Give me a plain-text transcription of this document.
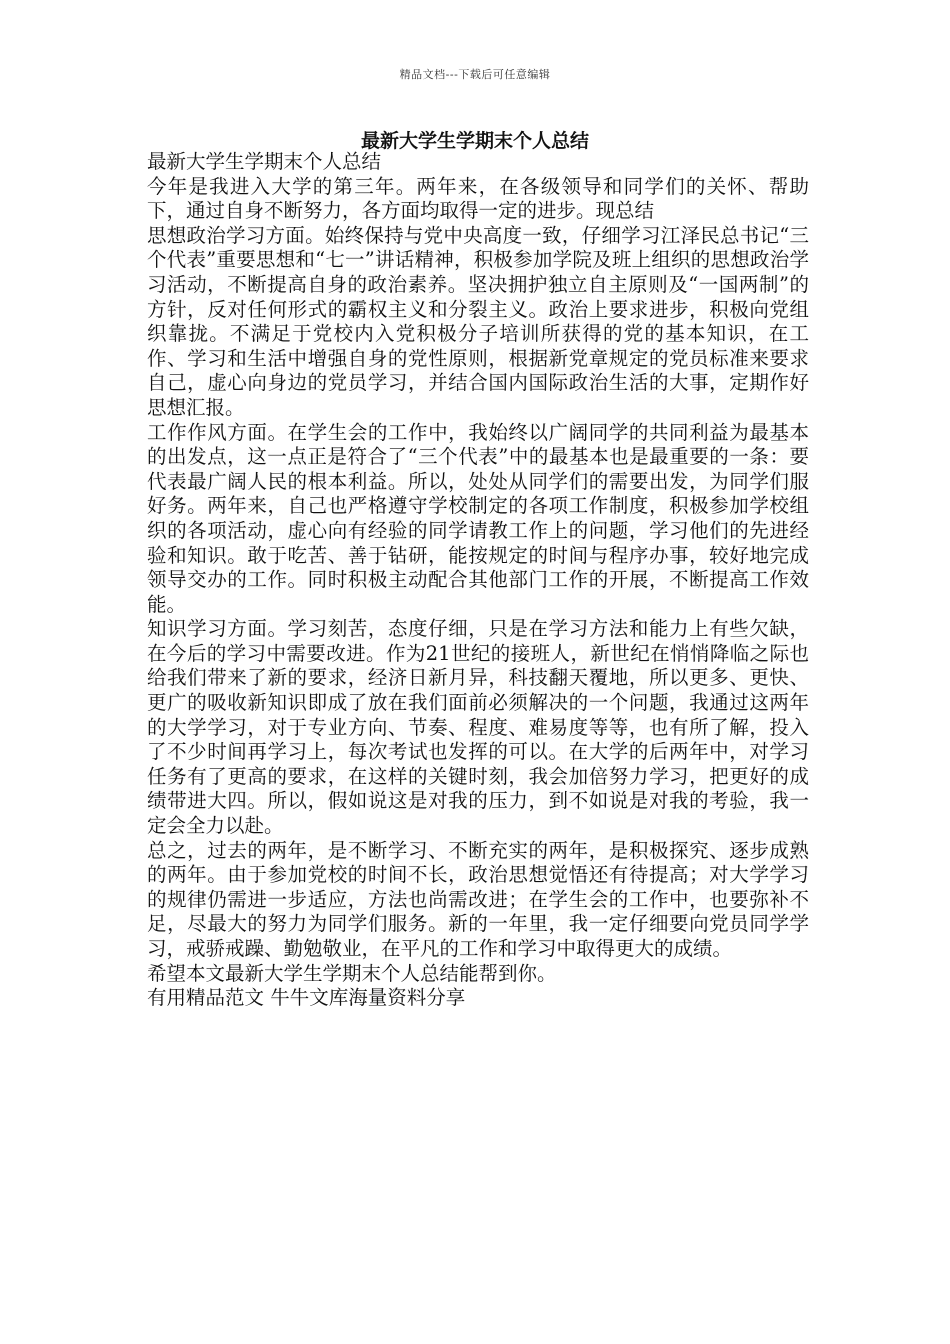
精品文档---下载后可任意编辑
最新大学生学期末个人总结

最新大学生学期末个人总结

今年是我进入大学的第三年。两年来，在各级领导和同学们的关怀、帮助下，通过自身不断努力，各方面均取得一定的进步。现总结

思想政治学习方面。始终保持与党中央高度一致，仔细学习江泽民总书记“三个代表”重要思想和“七一”讲话精神，积极参加学院及班上组织的思想政治学习活动，不断提高自身的政治素养。坚决拥护独立自主原则及“一国两制”的方针，反对任何形式的霸权主义和分裂主义。政治上要求进步，积极向党组织靠拢。不满足于党校内入党积极分子培训所获得的党的基本知识，在工作、学习和生活中增强自身的党性原则，根据新党章规定的党员标准来要求自己，虚心向身边的党员学习，并结合国内国际政治生活的大事，定期作好思想汇报。

工作作风方面。在学生会的工作中，我始终以广阔同学的共同利益为最基本的出发点，这一点正是符合了“三个代表”中的最基本也是最重要的一条：要代表最广阔人民的根本利益。所以，处处从同学们的需要出发，为同学们服好务。两年来，自己也严格遵守学校制定的各项工作制度，积极参加学校组织的各项活动，虚心向有经验的同学请教工作上的问题，学习他们的先进经验和知识。敢于吃苦、善于钻研，能按规定的时间与程序办事，较好地完成领导交办的工作。同时积极主动配合其他部门工作的开展，不断提高工作效能。

知识学习方面。学习刻苦，态度仔细，只是在学习方法和能力上有些欠缺，在今后的学习中需要改进。作为21世纪的接班人，新世纪在悄悄降临之际也给我们带来了新的要求，经济日新月异，科技翻天覆地，所以更多、更快、更广的吸收新知识即成了放在我们面前必须解决的一个问题，我通过这两年的大学学习，对于专业方向、节奏、程度、难易度等等，也有所了解，投入了不少时间再学习上，每次考试也发挥的可以。在大学的后两年中，对学习任务有了更高的要求，在这样的关键时刻，我会加倍努力学习，把更好的成绩带进大四。所以，假如说这是对我的压力，到不如说是对我的考验，我一定会全力以赴。

总之，过去的两年，是不断学习、不断充实的两年，是积极探究、逐步成熟的两年。由于参加党校的时间不长，政治思想觉悟还有待提高；对大学学习的规律仍需进一步适应，方法也尚需改进；在学生会的工作中，也要弥补不足，尽最大的努力为同学们服务。新的一年里，我一定仔细要向党员同学学习，戒骄戒躁、勤勉敬业，在平凡的工作和学习中取得更大的成绩。

希望本文最新大学生学期末个人总结能帮到你。

有用精品范文 牛牛文库海量资料分享
